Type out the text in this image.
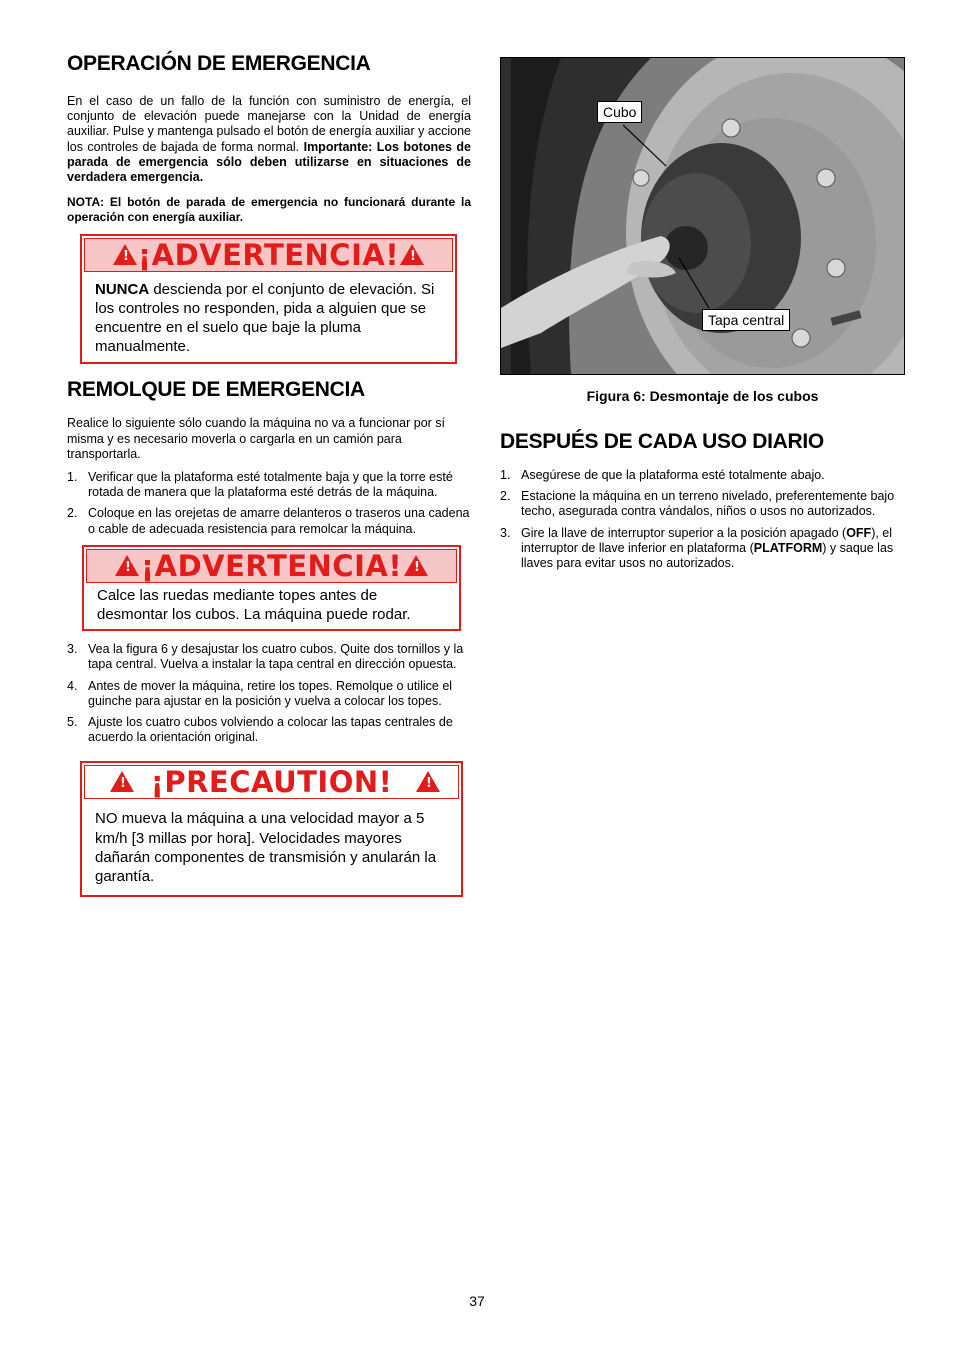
OPERACIÓN DE EMERGENCIA

En el caso de un fallo de la función con suministro de energía, el conjunto de elevación puede manejarse con la Unidad de energía auxiliar. Pulse y mantenga pulsado el botón de energía auxiliar y accione los controles de bajada de forma normal. Importante: Los botones de parada de emergencia sólo deben utilizarse en situaciones de verdadera emergencia.

NOTA: El botón de parada de emergencia no funcionará durante la operación con energía auxiliar.

! ¡ADVERTENCIA! !
NUNCA descienda por el conjunto de elevación. Si los controles no responden, pida a alguien que se encuentre en el suelo que baje la pluma manualmente.
REMOLQUE DE EMERGENCIA

Realice lo siguiente sólo cuando la máquina no va a funcionar por sí misma y es necesario moverla o cargarla en un camión para transportarla.

1. Verificar que la plataforma esté totalmente baja y que la torre esté rotada de manera que la plataforma esté detrás de la máquina.
2. Coloque en las orejetas de amarre delanteros o traseros una cadena o cable de adecuada resistencia para remolcar la máquina.
! ¡ADVERTENCIA! !
Calce las ruedas mediante topes antes de desmontar los cubos. La máquina puede rodar.
3. Vea la figura 6 y desajustar los cuatro cubos. Quite dos tornillos y la tapa central. Vuelva a instalar la tapa central en dirección opuesta.
4. Antes de mover la máquina, retire los topes. Remolque o utilice el guinche para ajustar en la posición y vuelva a colocar los topes.
5. Ajuste los cuatro cubos volviendo a colocar las tapas centrales de acuerdo la orientación original.
! ¡PRECAUTION!	!
NO mueva la máquina a una velocidad mayor a 5 km/h [3 millas por hora]. Velocidades mayores dañarán componentes de transmisión y anularán la garantía.
Cubo
Tapa central
Figura 6: Desmontaje de los cubos
DESPUÉS DE CADA USO DIARIO
1. Asegúrese de que la plataforma esté totalmente abajo.
2. Estacione la máquina en un terreno nivelado, preferentemente bajo techo, asegurada contra vándalos, niños o usos no autorizados.
3. Gire la llave de interruptor superior a la posición apagado (OFF), el interruptor de llave inferior en plataforma (PLATFORM) y saque las llaves para evitar usos no autorizados.
37
